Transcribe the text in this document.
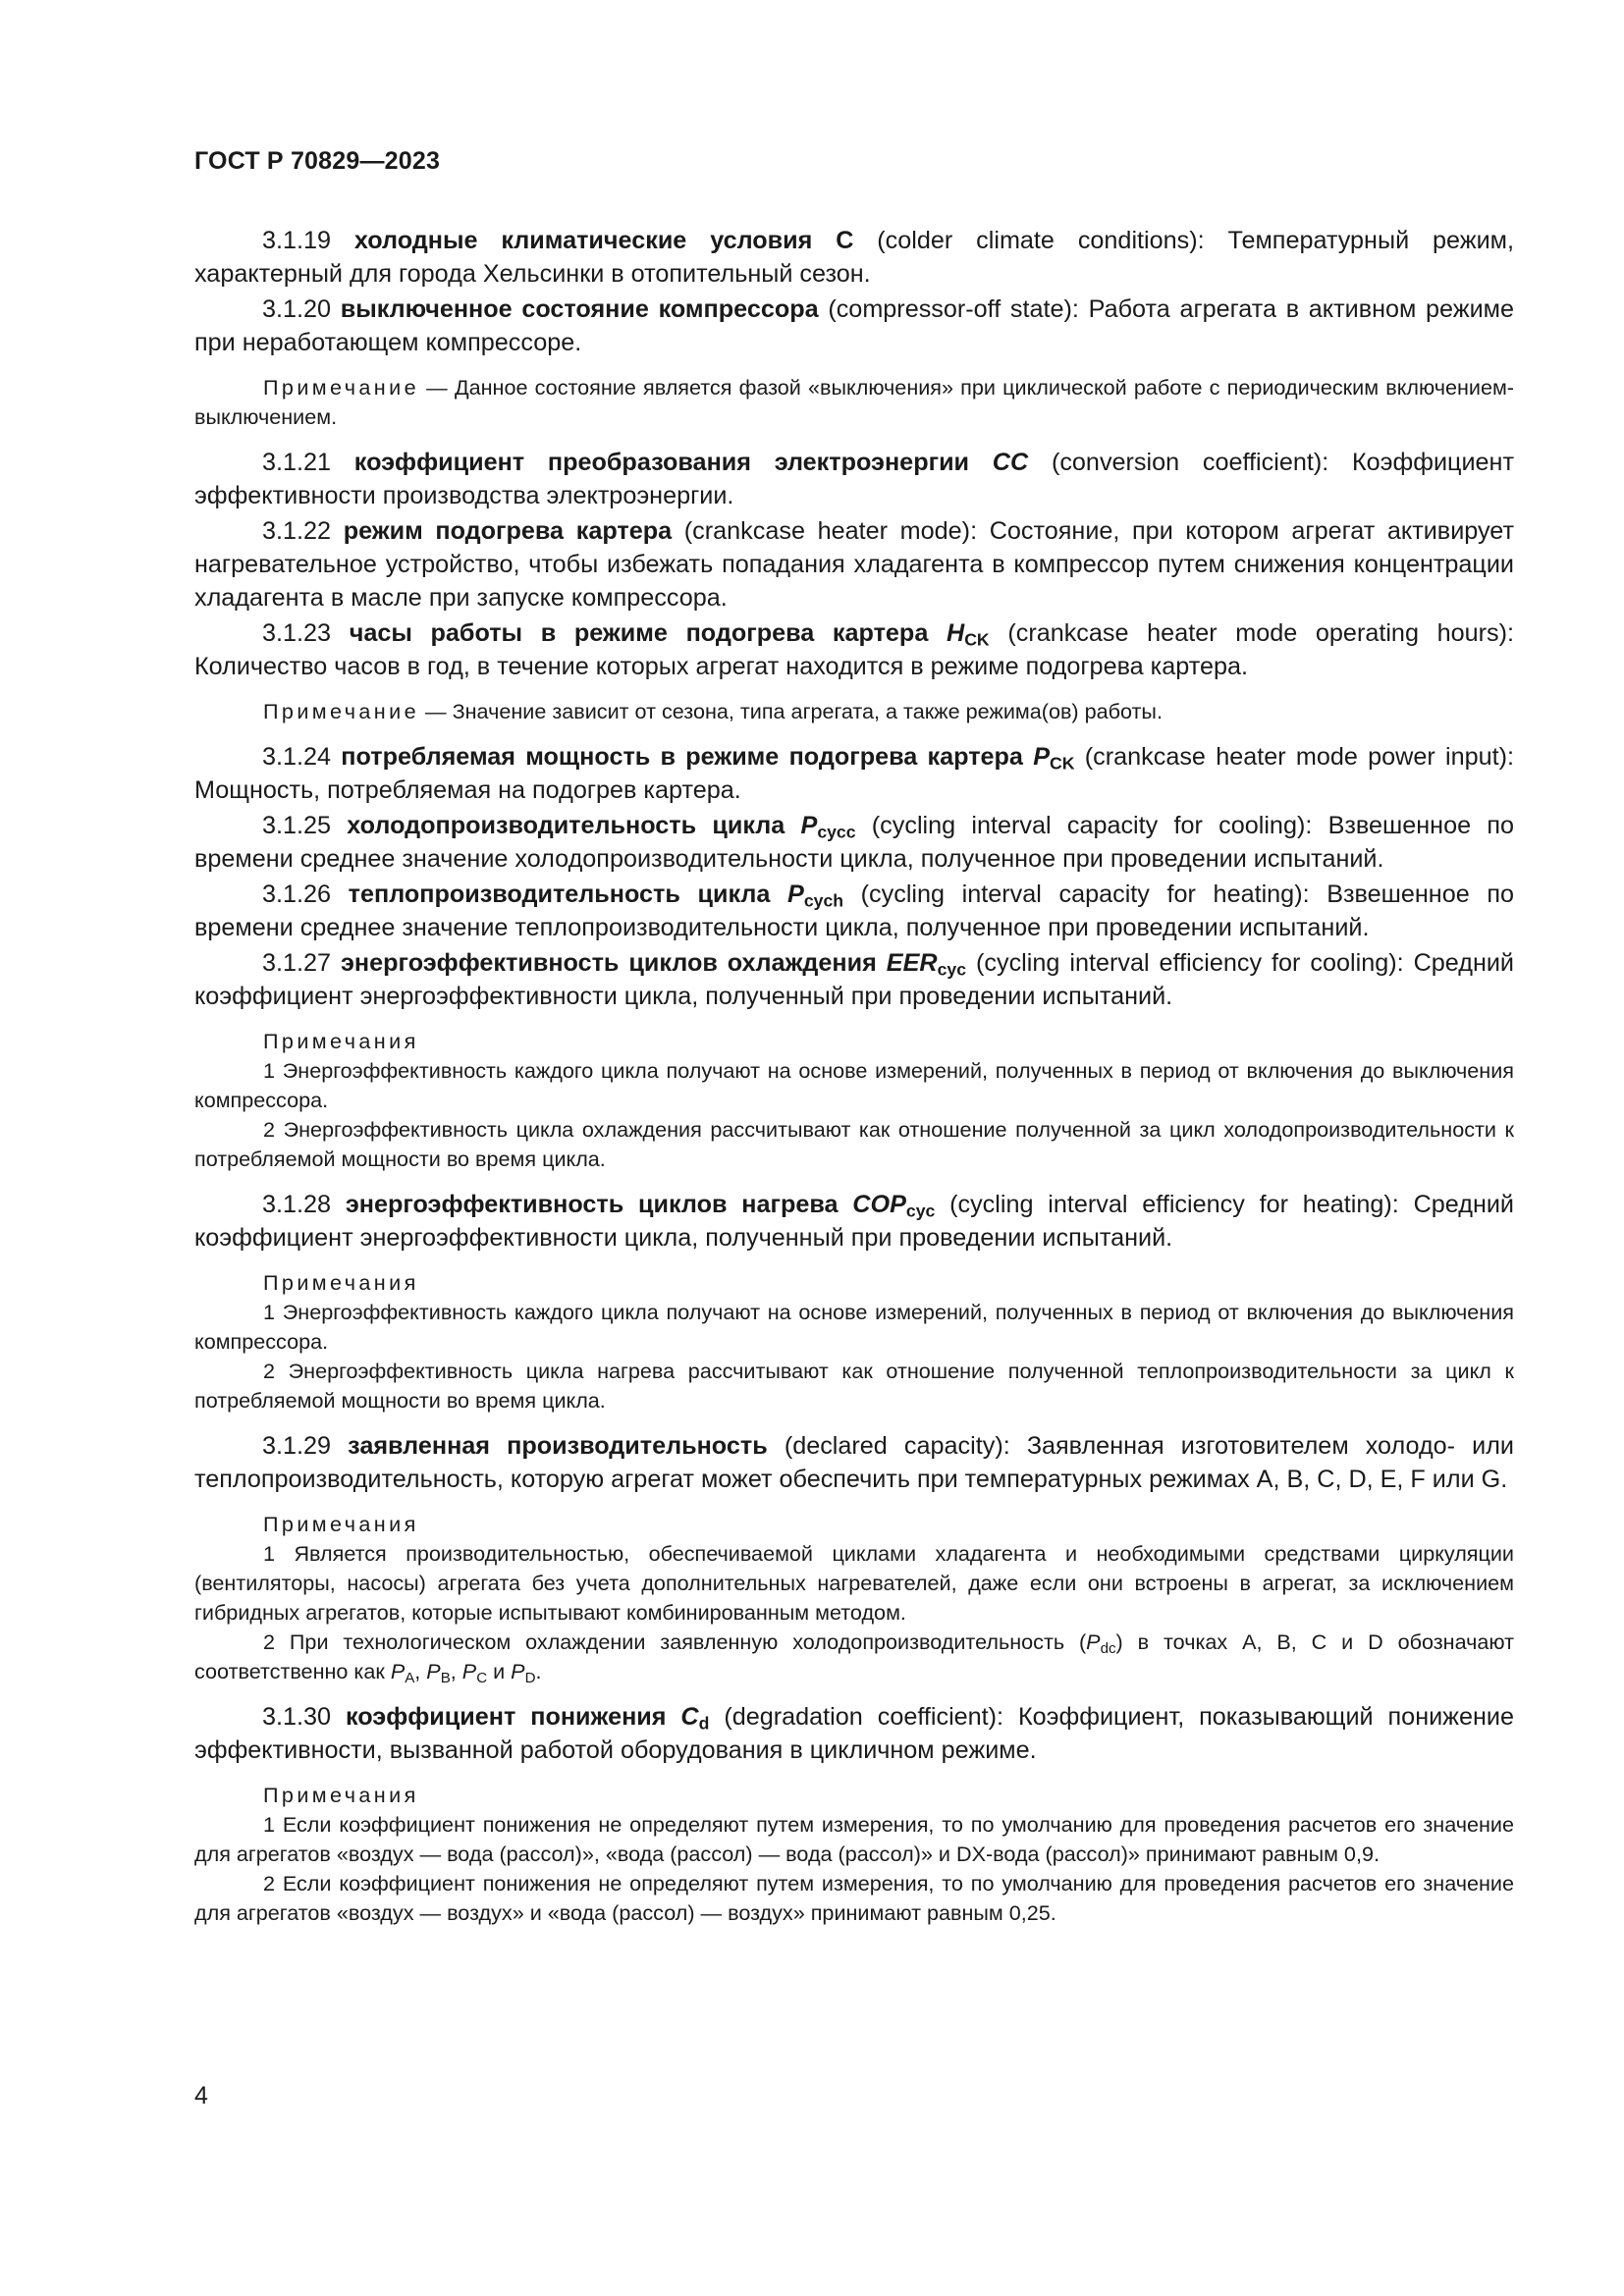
ГОСТ Р 70829—2023

3.1.19 холодные климатические условия C (colder climate conditions): Температурный режим, характерный для города Хельсинки в отопительный сезон.

3.1.20 выключенное состояние компрессора (compressor-off state): Работа агрегата в активном режиме при неработающем компрессоре.

Примечание — Данное состояние является фазой «выключения» при циклической работе с периодическим включением-выключением.

3.1.21 коэффициент преобразования электроэнергии CC (conversion coefficient): Коэффициент эффективности производства электроэнергии.

3.1.22 режим подогрева картера (crankcase heater mode): Состояние, при котором агрегат активирует нагревательное устройство, чтобы избежать попадания хладагента в компрессор путем снижения концентрации хладагента в масле при запуске компрессора.

3.1.23 часы работы в режиме подогрева картера $H_{CK}$ (crankcase heater mode operating hours): Количество часов в год, в течение которых агрегат находится в режиме подогрева картера.

Примечание — Значение зависит от сезона, типа агрегата, а также режима(ов) работы.

3.1.24 потребляемая мощность в режиме подогрева картера $P_{CK}$ (crankcase heater mode power input): Мощность, потребляемая на подогрев картера.

3.1.25 холодопроизводительность цикла $P_{cycc}$ (cycling interval capacity for cooling): Взвешенное по времени среднее значение холодопроизводительности цикла, полученное при проведении испытаний.

3.1.26 теплопроизводительность цикла $P_{cych}$ (cycling interval capacity for heating): Взвешенное по времени среднее значение теплопроизводительности цикла, полученное при проведении испытаний.

3.1.27 энергоэффективность циклов охлаждения $EER_{cyc}$ (cycling interval efficiency for cooling): Средний коэффициент энергоэффективности цикла, полученный при проведении испытаний.

Примечания

1 Энергоэффективность каждого цикла получают на основе измерений, полученных в период от включения до выключения компрессора.

2 Энергоэффективность цикла охлаждения рассчитывают как отношение полученной за цикл холодопроизводительности к потребляемой мощности во время цикла.

3.1.28 энергоэффективность циклов нагрева $COP_{cyc}$ (cycling interval efficiency for heating): Средний коэффициент энергоэффективности цикла, полученный при проведении испытаний.

Примечания

1 Энергоэффективность каждого цикла получают на основе измерений, полученных в период от включения до выключения компрессора.

2 Энергоэффективность цикла нагрева рассчитывают как отношение полученной теплопроизводительности за цикл к потребляемой мощности во время цикла.

3.1.29 заявленная производительность (declared capacity): Заявленная изготовителем холодо- или теплопроизводительность, которую агрегат может обеспечить при температурных режимах A, B, C, D, E, F или G.

Примечания

1 Является производительностью, обеспечиваемой циклами хладагента и необходимыми средствами циркуляции (вентиляторы, насосы) агрегата без учета дополнительных нагревателей, даже если они встроены в агрегат, за исключением гибридных агрегатов, которые испытывают комбинированным методом.

2 При технологическом охлаждении заявленную холодопроизводительность $(P_{dc})$ в точках A, B, C и D обозначают соответственно как $P_A$, $P_B$, $P_C$ и $P_D$.

3.1.30 коэффициент понижения $C_d$ (degradation coefficient): Коэффициент, показывающий понижение эффективности, вызванной работой оборудования в цикличном режиме.

Примечания

1 Если коэффициент понижения не определяют путем измерения, то по умолчанию для проведения расчетов его значение для агрегатов «воздух — вода (рассол)», «вода (рассол) — вода (рассол)» и DX-вода (рассол)» принимают равным 0,9.

2 Если коэффициент понижения не определяют путем измерения, то по умолчанию для проведения расчетов его значение для агрегатов «воздух — воздух» и «вода (рассол) — воздух» принимают равным 0,25.

4
